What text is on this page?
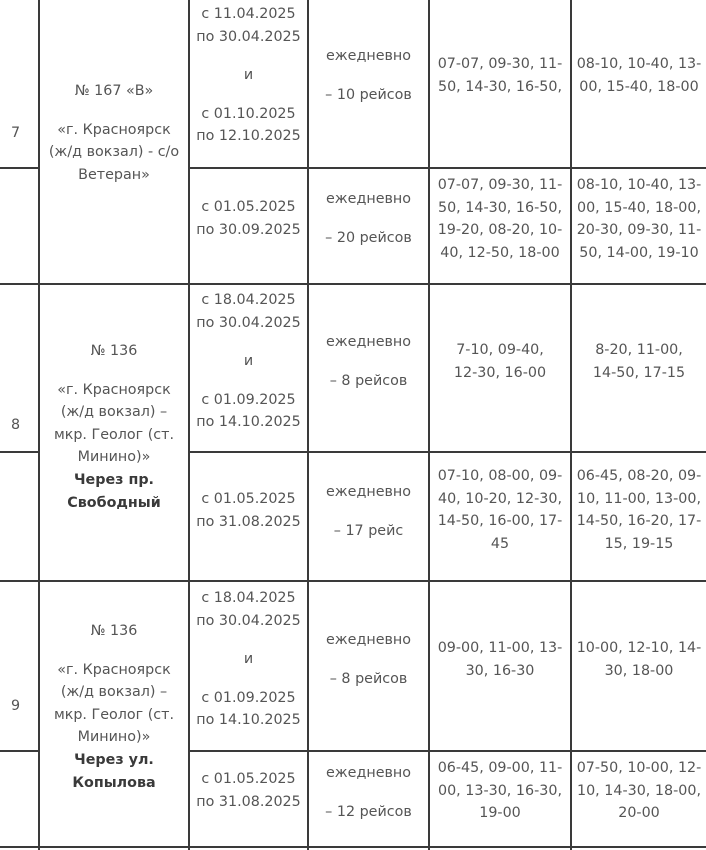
7

№ 167 «В»

«г. Красноярск

(ж/д вокзал) - с/о

Ветеран»

с 11.04.2025

по 30.04.2025

и

с 01.10.2025

по 12.10.2025

ежедневно

– 10 рейсов

07-07, 09-30, 11-

50, 14-30, 16-50,

08-10, 10-40, 13-

00, 15-40, 18-00

с 01.05.2025

по 30.09.2025

ежедневно

– 20 рейсов

07-07, 09-30, 11-

50, 14-30, 16-50,

19-20, 08-20, 10-

40, 12-50, 18-00

08-10, 10-40, 13-

00, 15-40, 18-00,

20-30, 09-30, 11-

50, 14-00, 19-10

8

№ 136

«г. Красноярск

(ж/д вокзал) –

мкр. Геолог (ст.

Минино)»

Через пр.

Свободный

с 18.04.2025

по 30.04.2025

и

с 01.09.2025

по 14.10.2025

ежедневно

– 8 рейсов

7-10, 09-40,

12-30, 16-00

8-20, 11-00,

14-50, 17-15

с 01.05.2025

по 31.08.2025

ежедневно

– 17 рейс

07-10, 08-00, 09-

40, 10-20, 12-30,

14-50, 16-00, 17-

45

06-45, 08-20, 09-

10, 11-00, 13-00,

14-50, 16-20, 17-

15, 19-15

9

№ 136

«г. Красноярск

(ж/д вокзал) –

мкр. Геолог (ст.

Минино)»

Через ул.

Копылова

с 18.04.2025

по 30.04.2025

и

с 01.09.2025

по 14.10.2025

ежедневно

– 8 рейсов

09-00, 11-00, 13-

30, 16-30

10-00, 12-10, 14-

30, 18-00

с 01.05.2025

по 31.08.2025

ежедневно

– 12 рейсов

06-45, 09-00, 11-

00, 13-30, 16-30,

19-00

07-50, 10-00, 12-

10, 14-30, 18-00,

20-00
